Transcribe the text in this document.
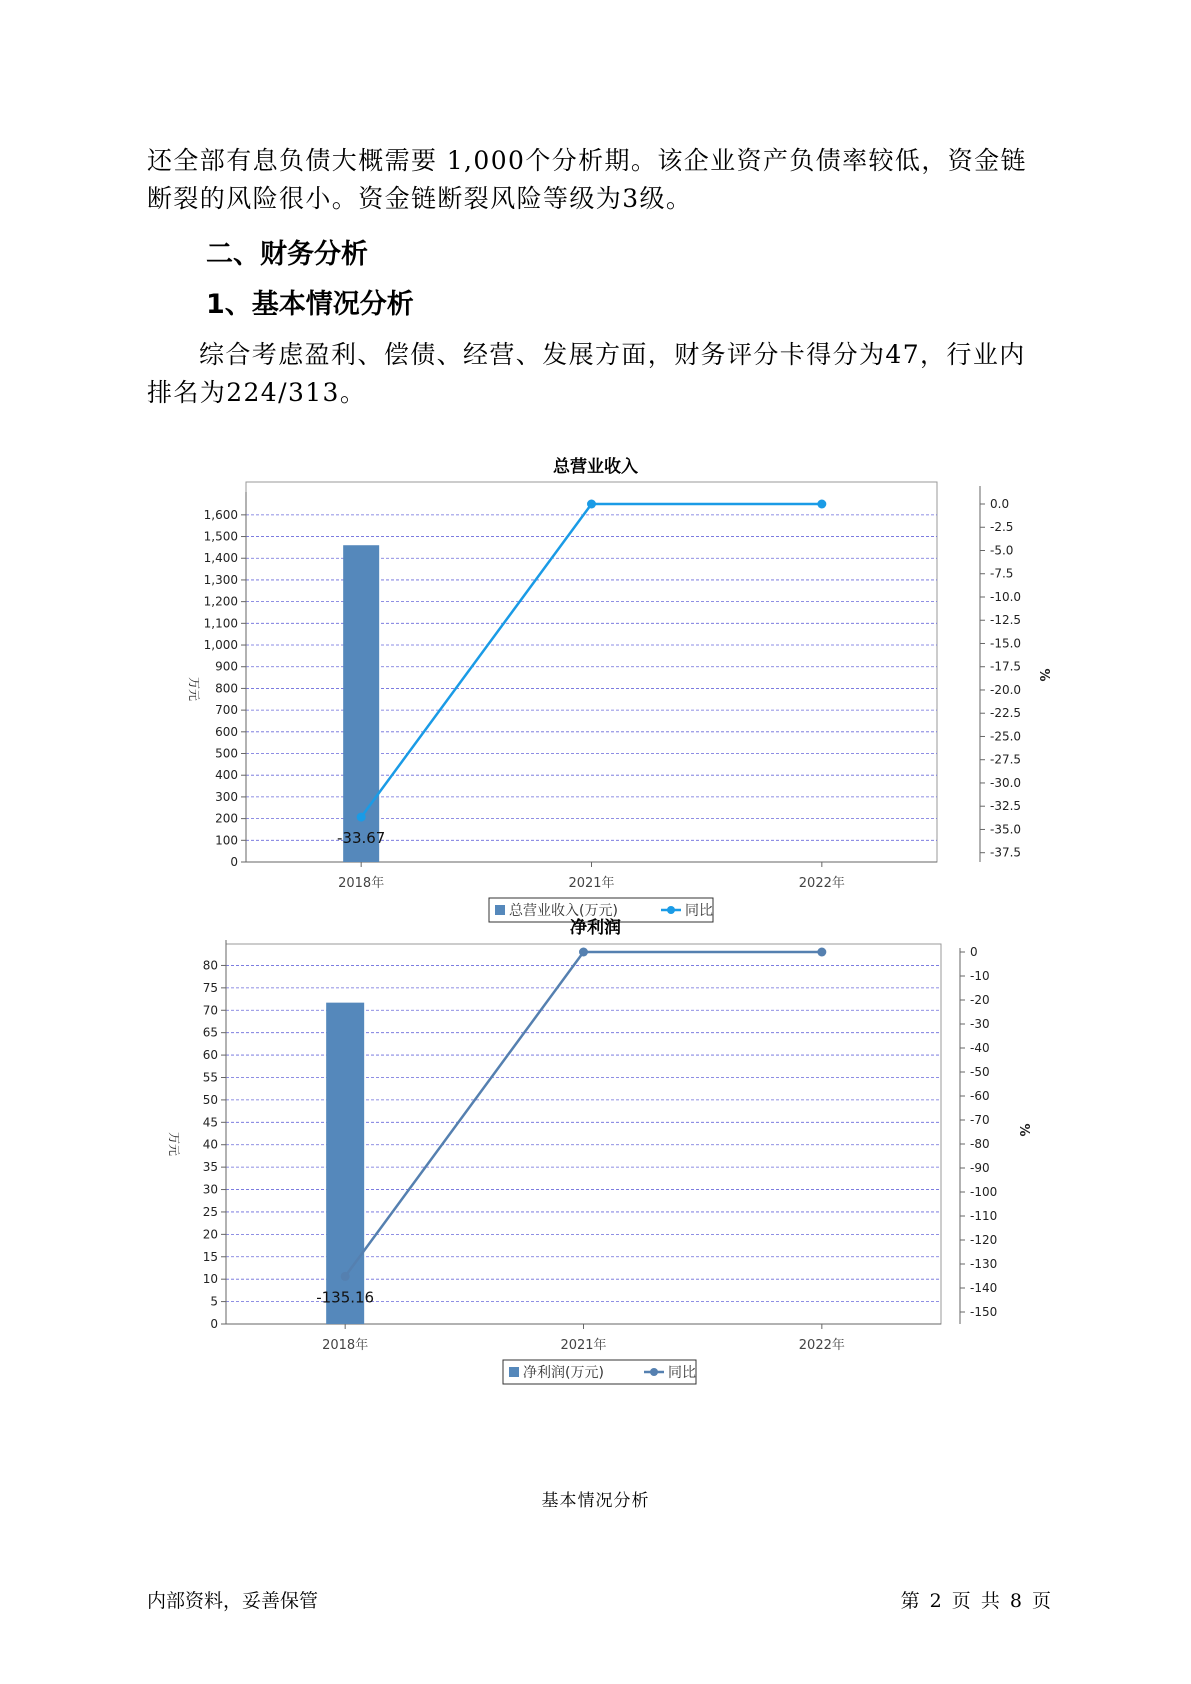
还全部有息负债大概需要 1,000个分析期。该企业资产负债率较低，资金链断裂的风险很小。资金链断裂风险等级为3级。

二、财务分析
1、基本情况分析

综合考虑盈利、偿债、经营、发展方面，财务评分卡得分为47，行业内排名为224/313。

总营业收入
0
100
200
300
400
500
600
700
800
900
1,000
1,100
1,200
1,300
1,400
1,500
1,600
万元
0.0
-2.5
-5.0
-7.5
-10.0
-12.5
-15.0
-17.5
-20.0
-22.5
-25.0
-27.5
-30.0
-32.5
-35.0
-37.5
%
2018年	2021年	2022年
-33.67
总营业收入(万元)	同比
净利润
0
5
10
15
20
25
30
35
40
45
50
55
60
65
70
75
80
万元
0
-10
-20
-30
-40
-50
-60
-70
-80
-90
-100
-110
-120
-130
-140
-150
%
2018年	2021年	2022年
-135.16
净利润(万元)	同比
基本情况分析
内部资料，妥善保管	第 2 页 共 8 页
